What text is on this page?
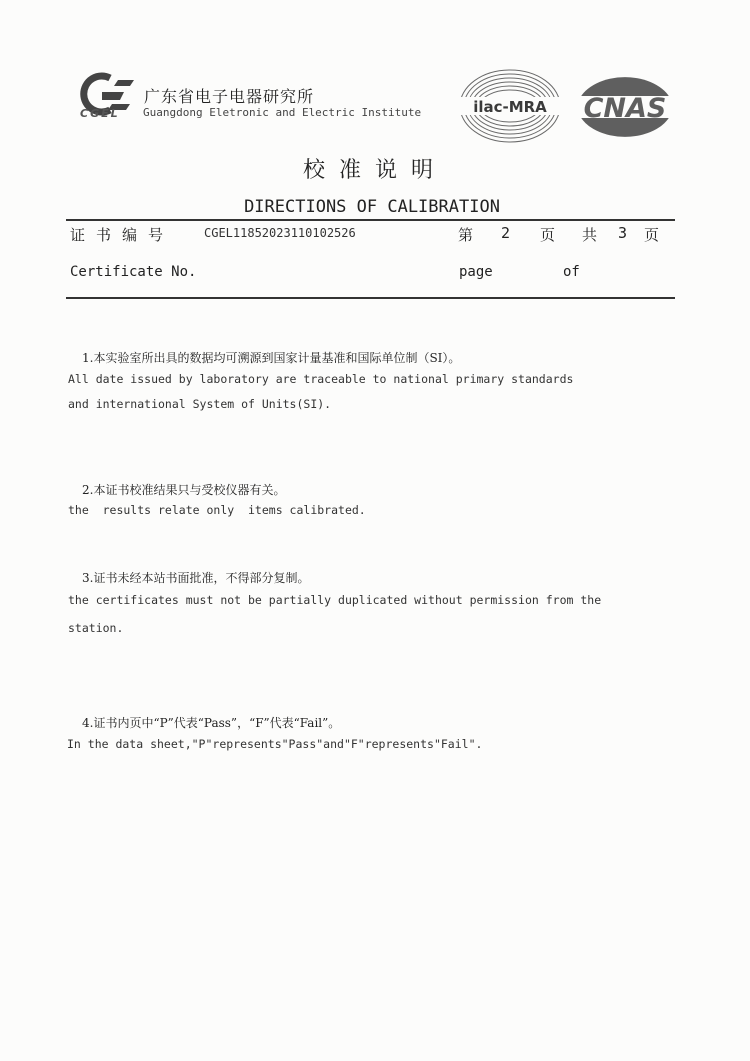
CGEL
广东省电子电器研究所
Guangdong Eletronic and Electric Institute	ilac-MRA CNAS
校准说明
DIRECTIONS OF CALIBRATION
证书编号 CGEL11852023110102526	第 2 页 共 3 页
Certificate No.	page	of
1.本实验室所出具的数据均可溯源到国家计量基准和国际单位制（SI）。
All date issued by laboratory are traceable to national primary standards
and international System of Units(SI).
2.本证书校准结果只与受校仪器有关。
the  results relate only  items calibrated.
3.证书未经本站书面批准，不得部分复制。
the certificates must not be partially duplicated without permission from the
station.
4.证书内页中“P”代表“Pass”，“F”代表“Fail”。
In the data sheet,"P"represents"Pass"and"F"represents"Fail".
